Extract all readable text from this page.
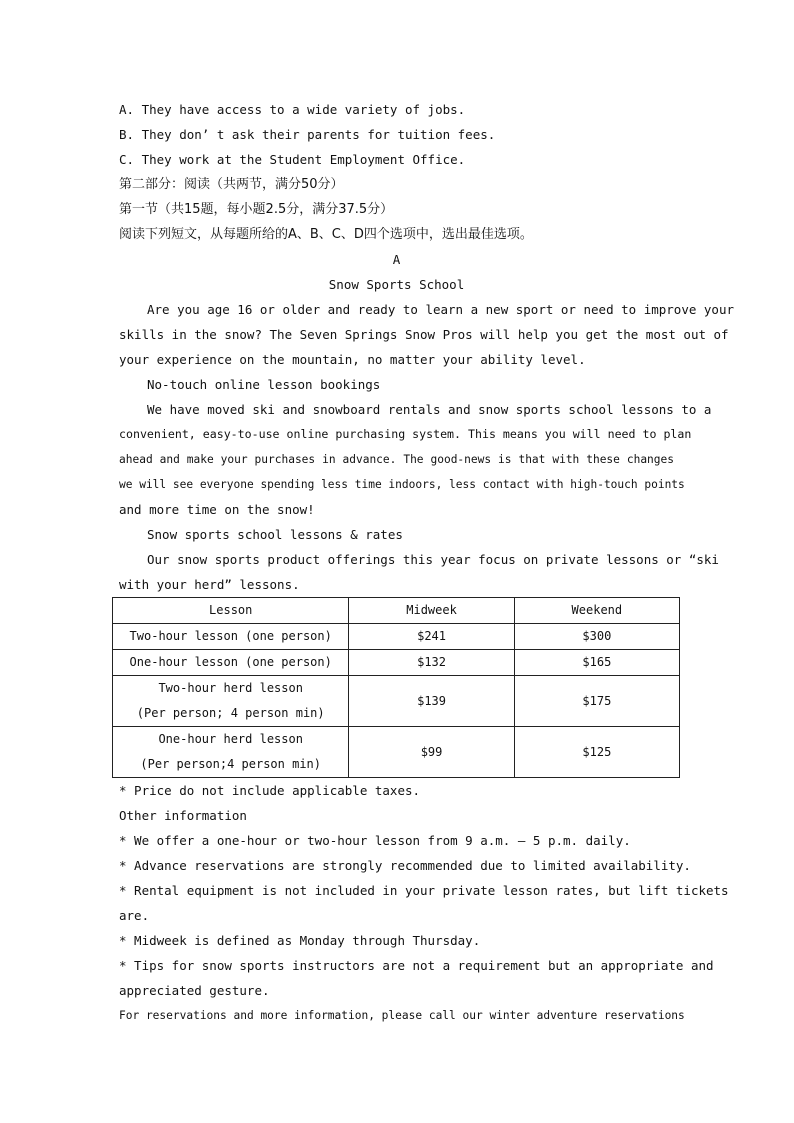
A. They have access to a wide variety of jobs.
B. They don’ t ask their parents for tuition fees.
C. They work at the Student Employment Office.
第二部分：阅读（共两节，满分50分）
第一节（共15题，每小题2.5分，满分37.5分）
阅读下列短文，从每题所给的A、B、C、D四个选项中，选出最佳选项。
A
Snow Sports School
Are you age 16 or older and ready to learn a new sport or need to improve your
skills in the snow? The Seven Springs Snow Pros will help you get the most out of
your experience on the mountain, no matter your ability level.
No-touch online lesson bookings
We have moved ski and snowboard rentals and snow sports school lessons to a
convenient, easy-to-use online purchasing system. This means you will need to plan
ahead and make your purchases in advance. The good-news is that with these changes
we will see everyone spending less time indoors, less contact with high-touch points
and more time on the snow!
Snow sports school lessons & rates
Our snow sports product offerings this year focus on private lessons or “ski
with your herd” lessons.
Lesson	Midweek	Weekend
Two-hour lesson (one person)	$241	$300
One-hour lesson (one person)	$132	$165

Two-hour herd lesson
(Per person; 4 person min)	$139	$175

One-hour herd lesson
(Per person;4 person min)	$99	$125
* Price do not include applicable taxes.
Other information
* We offer a one-hour or two-hour lesson from 9 a.m. — 5 p.m. daily.
* Advance reservations are strongly recommended due to limited availability.
* Rental equipment is not included in your private lesson rates, but lift tickets
are.
* Midweek is defined as Monday through Thursday.
* Tips for snow sports instructors are not a requirement but an appropriate and
appreciated gesture.
For reservations and more information, please call our winter adventure reservations
